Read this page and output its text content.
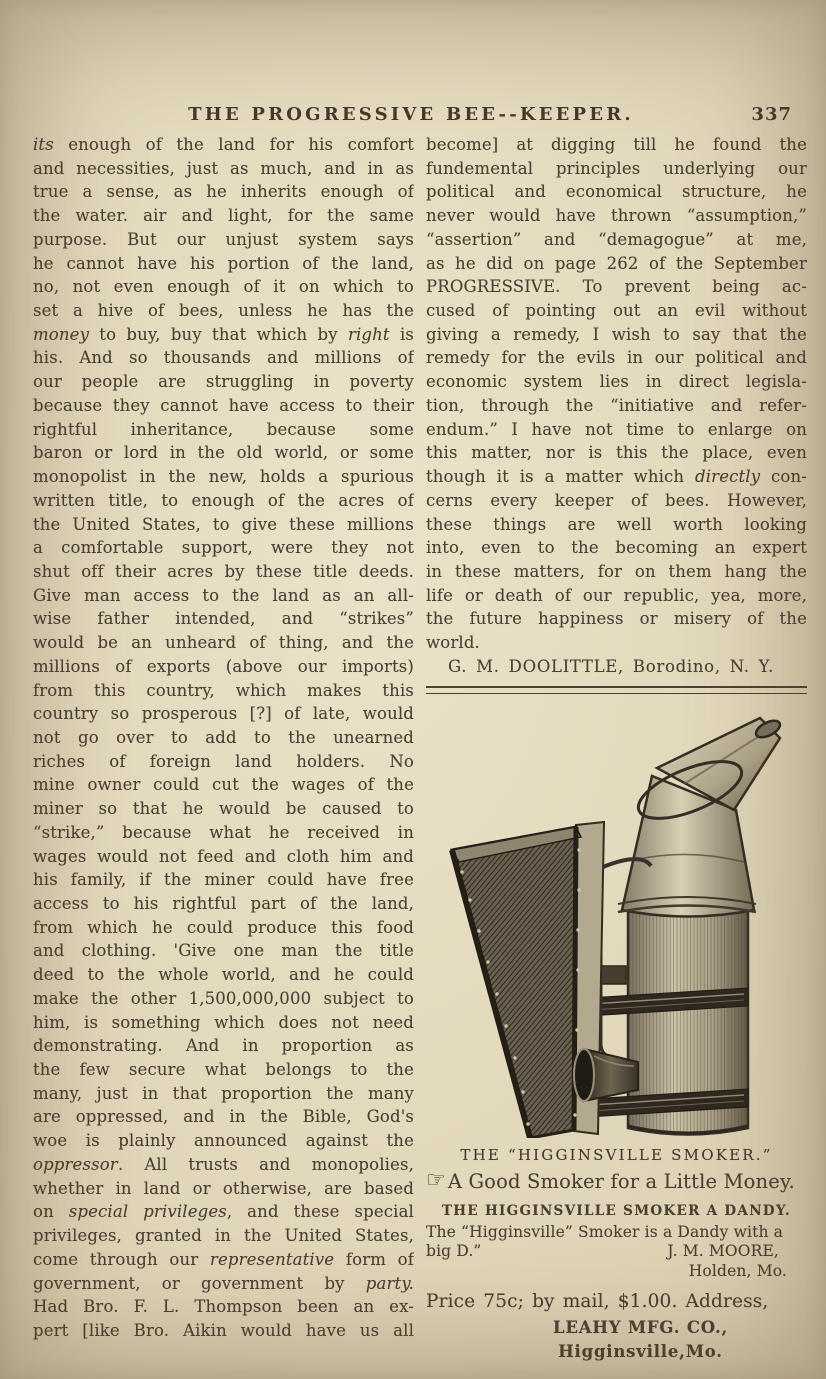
THE PROGRESSIVE BEE--KEEPER.	337
its enough of the land for his comfort
and necessities, just as much, and in as
true a sense, as he inherits enough of
the water. air and light, for the same
purpose. But our unjust system says
he cannot have his portion of the land,
no, not even enough of it on which to
set a hive of bees, unless he has the
money to buy, buy that which by right is
his. And so thousands and millions of
our people are struggling in poverty
because they cannot have access to their
rightful inheritance, because some
baron or lord in the old world, or some
monopolist in the new, holds a spurious
written title, to enough of the acres of
the United States, to give these millions
a comfortable support, were they not
shut off their acres by these title deeds.
Give man access to the land as an all-
wise father intended, and “strikes”
would be an unheard of thing, and the
millions of exports (above our imports)
from this country, which makes this
country so prosperous [?] of late, would
not go over to add to the unearned
riches of foreign land holders. No
mine owner could cut the wages of the
miner so that he would be caused to
“strike,” because what he received in
wages would not feed and cloth him and
his family, if the miner could have free
access to his rightful part of the land,
from which he could produce this food
and clothing. 'Give one man the title
deed to the whole world, and he could
make the other 1,500,000,000 subject to
him, is something which does not need
demonstrating. And in proportion as
the few secure what belongs to the
many, just in that proportion the many
are oppressed, and in the Bible, God's
woe is plainly announced against the
oppressor. All trusts and monopolies,
whether in land or otherwise, are based
on special privileges, and these special
privileges, granted in the United States,
come through our representative form of
government, or government by party.
Had Bro. F. L. Thompson been an ex-
pert [like Bro. Aikin would have us all
become] at digging till he found the
fundemental principles underlying our
political and economical structure, he
never would have thrown “assumption,”
“assertion” and “demagogue” at me,
as he did on page 262 of the September
PROGRESSIVE. To prevent being ac-
cused of pointing out an evil without
giving a remedy, I wish to say that the
remedy for the evils in our political and
economic system lies in direct legisla-
tion, through the “initiative and refer-
endum.” I have not time to enlarge on
this matter, nor is this the place, even
though it is a matter which directly con-
cerns every keeper of bees. However,
these things are well worth looking
into, even to the becoming an expert
in these matters, for on them hang the
life or death of our republic, yea, more,
the future happiness or misery of the
world.
G. M. DOOLITTLE, Borodino, N. Y.
THE “HIGGINSVILLE SMOKER.”
☞ A Good Smoker for a Little Money.
THE HIGGINSVILLE SMOKER A DANDY.
The “Higginsville” Smoker is a Dandy with a
big D.”	J. M. MOORE,
Holden, Mo.
Price 75c; by mail, $1.00. Address,
LEAHY MFG. CO., Higginsville,Mo.
